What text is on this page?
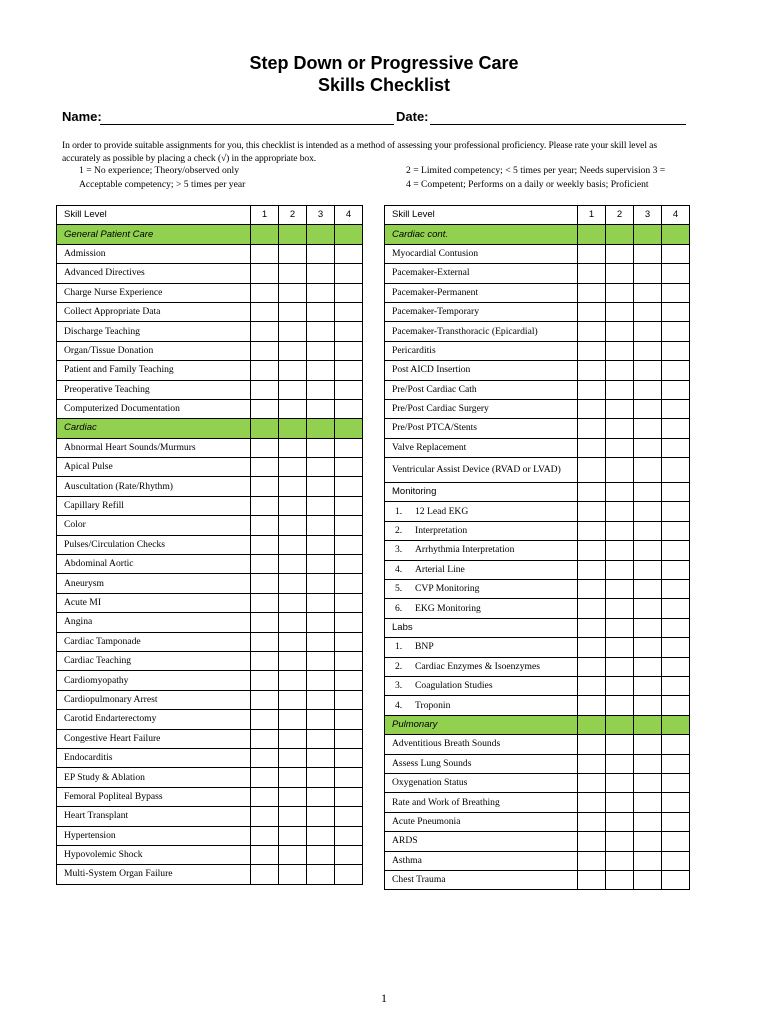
Step Down or Progressive Care
Skills Checklist
Name:	Date:
In order to provide suitable assignments for you, this checklist is intended as a method of assessing your professional proficiency. Please rate your skill level as accurately as possible by placing a check (√) in the appropriate box.
1 = No experience; Theory/observed only	2 = Limited competency; < 5 times per year; Needs supervision 3 =
Acceptable competency; > 5 times per year	4 = Competent; Performs on a daily or weekly basis; Proficient
Skill Level	1	2	3	4
General Patient Care				
Admission				
Advanced Directives				
Charge Nurse Experience				
Collect Appropriate Data				
Discharge Teaching				
Organ/Tissue Donation				
Patient and Family Teaching				
Preoperative Teaching				
Computerized Documentation				
Cardiac				
Abnormal Heart Sounds/Murmurs				
Apical Pulse				
Auscultation (Rate/Rhythm)				
Capillary Refill				
Color				
Pulses/Circulation Checks				
Abdominal Aortic				
Aneurysm				
Acute MI				
Angina				
Cardiac Tamponade				
Cardiac Teaching				
Cardiomyopathy				
Cardiopulmonary Arrest				
Carotid Endarterectomy				
Congestive Heart Failure				
Endocarditis				
EP Study & Ablation				
Femoral Popliteal Bypass				
Heart Transplant				
Hypertension				
Hypovolemic Shock				
Multi-System Organ Failure				
Skill Level	1	2	3	4
Cardiac cont.				
Myocardial Contusion				
Pacemaker-External				
Pacemaker-Permanent				
Pacemaker-Temporary				
Pacemaker-Transthoracic (Epicardial)				
Pericarditis				
Post AICD Insertion				
Pre/Post Cardiac Cath				
Pre/Post Cardiac Surgery				
Pre/Post PTCA/Stents				
Valve Replacement				
Ventricular Assist Device (RVAD or LVAD)				
Monitoring				
1. 12 Lead EKG				
2. Interpretation				
3. Arrhythmia Interpretation				
4. Arterial Line				
5. CVP Monitoring				
6. EKG Monitoring				
Labs				
1. BNP				
2. Cardiac Enzymes & Isoenzymes				
3. Coagulation Studies				
4. Troponin				
Pulmonary				
Adventitious Breath Sounds				
Assess Lung Sounds				
Oxygenation Status				
Rate and Work of Breathing				
Acute Pneumonia				
ARDS				
Asthma				
Chest Trauma				
1
